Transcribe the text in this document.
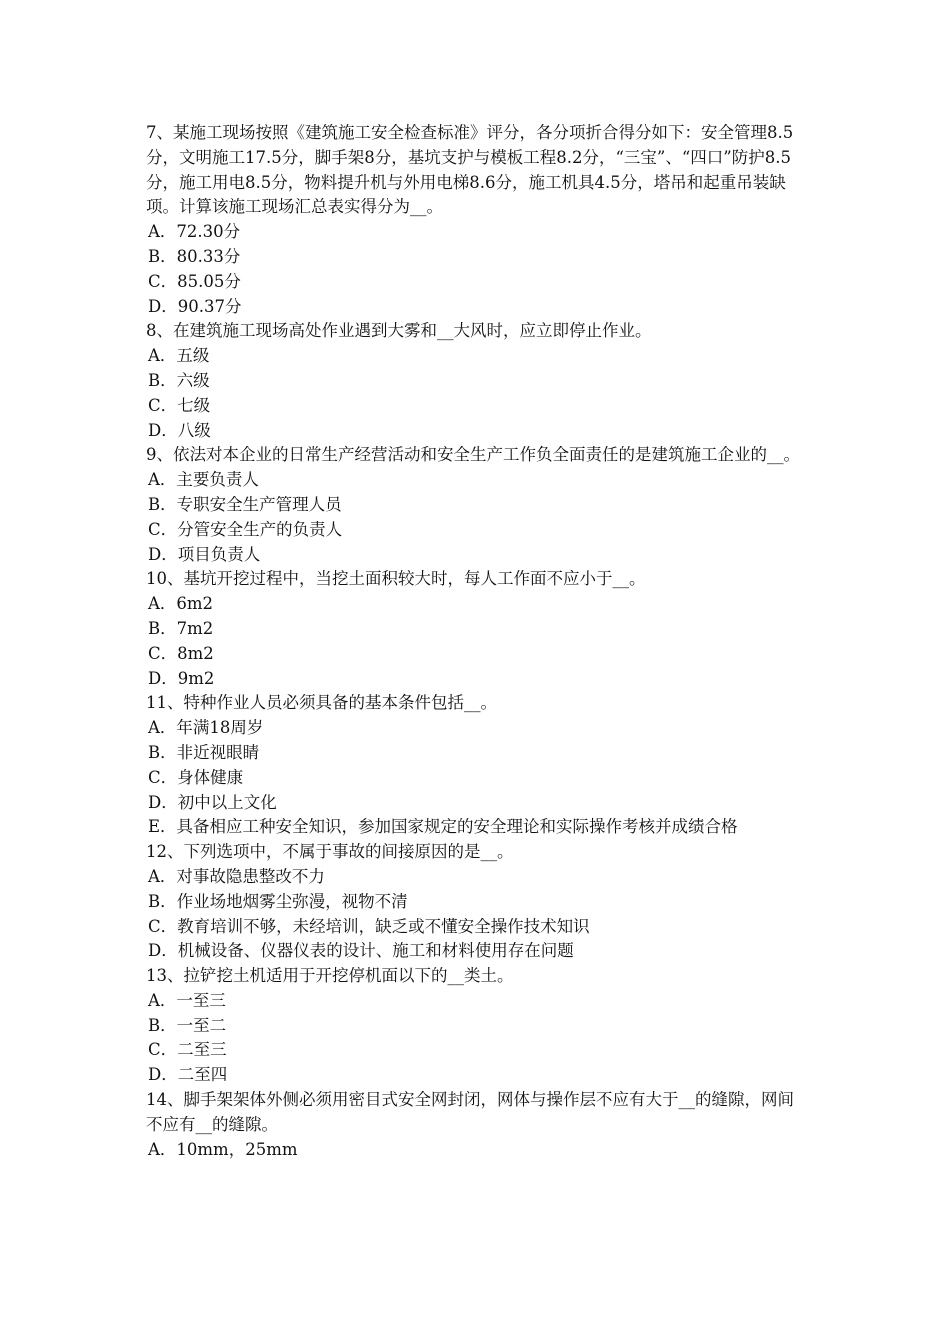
7、某施工现场按照《建筑施工安全检查标准》评分，各分项折合得分如下：安全管理8.5分，文明施工17.5分，脚手架8分，基坑支护与模板工程8.2分，“三宝”、“四口”防护8.5分，施工用电8.5分，物料提升机与外用电梯8.6分，施工机具4.5分，塔吊和起重吊装缺项。计算该施工现场汇总表实得分为__。

A．72.30分

B．80.33分

C．85.05分

D．90.37分

8、在建筑施工现场高处作业遇到大雾和__大风时，应立即停止作业。

A．五级

B．六级

C．七级

D．八级

9、依法对本企业的日常生产经营活动和安全生产工作负全面责任的是建筑施工企业的__。

A．主要负责人

B．专职安全生产管理人员

C．分管安全生产的负责人

D．项目负责人

10、基坑开挖过程中，当挖土面积较大时，每人工作面不应小于__。

A．6m2

B．7m2

C．8m2

D．9m2

11、特种作业人员必须具备的基本条件包括__。

A．年满18周岁

B．非近视眼睛

C．身体健康

D．初中以上文化

E．具备相应工种安全知识，参加国家规定的安全理论和实际操作考核并成绩合格

12、下列选项中，不属于事故的间接原因的是__。

A．对事故隐患整改不力

B．作业场地烟雾尘弥漫，视物不清

C．教育培训不够，未经培训，缺乏或不懂安全操作技术知识

D．机械设备、仪器仪表的设计、施工和材料使用存在问题

13、拉铲挖土机适用于开挖停机面以下的__类土。

A．一至三

B．一至二

C．二至三

D．二至四

14、脚手架架体外侧必须用密目式安全网封闭，网体与操作层不应有大于__的缝隙，网间不应有__的缝隙。

A．10mm，25mm
